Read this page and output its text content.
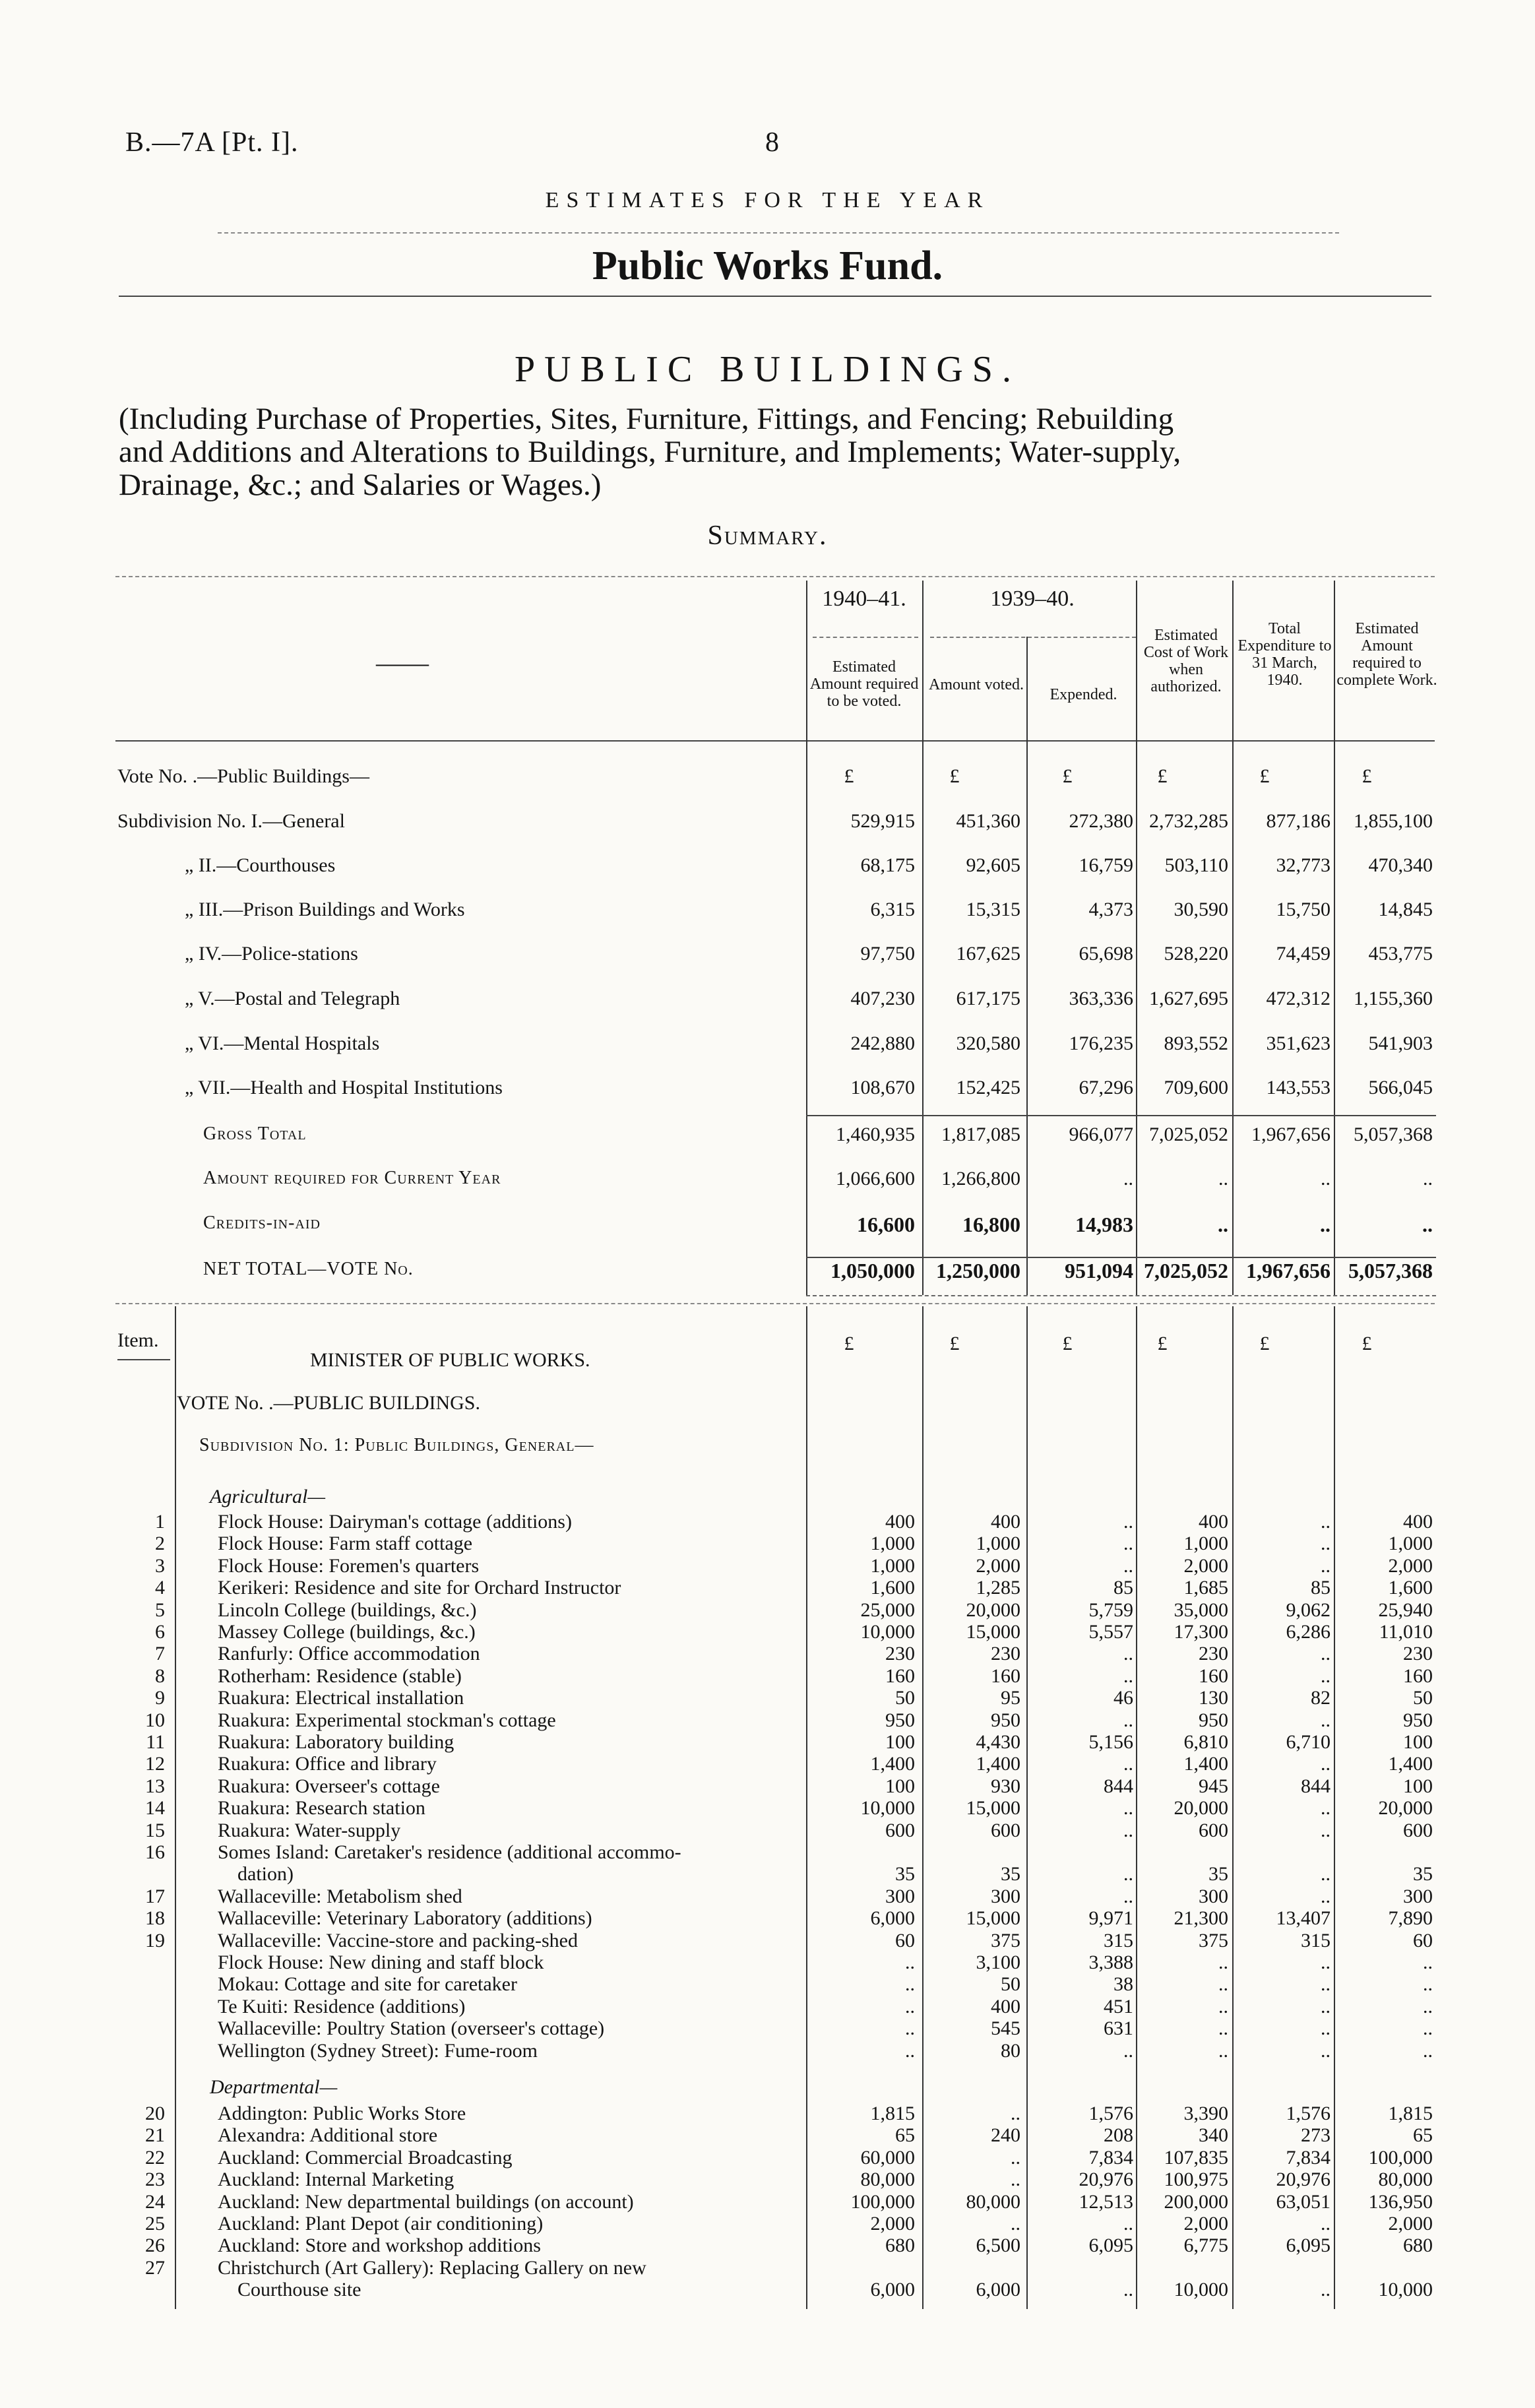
B.—7A [Pt. I].	8
ESTIMATES FOR THE YEAR
Public Works Fund.
PUBLIC BUILDINGS.
(Including Purchase of Properties, Sites, Furniture, Fittings, and Fencing; Rebuilding
and Additions and Alterations to Buildings, Furniture, and Implements; Water-supply,
Drainage, &c.; and Salaries or Wages.)
Summary.
——
1940–41.	1939–40.
Estimated Amount required to be voted.
Amount voted.
Expended.
Estimated Cost of Work when authorized.
Total Expenditure to 31 March, 1940.
Estimated Amount required to complete Work.
Vote No. .—Public Buildings—	£	£	£	£	£	£
Subdivision No. I.—General	529,915	451,360	272,380 2,732,285	877,186	1,855,100
„ II.—Courthouses	68,175	92,605	16,759	503,110	32,773	470,340
„ III.—Prison Buildings and Works	6,315	15,315	4,373	30,590	15,750	14,845
„ IV.—Police-stations	97,750	167,625	65,698	528,220	74,459	453,775
„ V.—Postal and Telegraph	407,230	617,175	363,336 1,627,695	472,312	1,155,360
„ VI.—Mental Hospitals	242,880	320,580	176,235	893,552	351,623	541,903
„ VII.—Health and Hospital Institutions	108,670	152,425	67,296	709,600	143,553	566,045
Gross Total	1,460,935	1,817,085	966,077 7,025,052	1,967,656	5,057,368
Amount required for Current Year	1,066,600	1,266,800	..	..	..	..
Credits-in-aid	16,600	16,800	14,983	..	..	..
NET TOTAL—VOTE No.	1,050,000	1,250,000	951,094 7,025,052 1,967,656 5,057,368
Item.	£	£	£	£	£	£
MINISTER OF PUBLIC WORKS.
VOTE No. .—PUBLIC BUILDINGS.
Subdivision No. 1: Public Buildings, General—
Agricultural—
1	Flock House: Dairyman's cottage (additions)	400	400	..	400	..	400
2	Flock House: Farm staff cottage	1,000	1,000	..	1,000	..	1,000
3	Flock House: Foremen's quarters	1,000	2,000	..	2,000	..	2,000
4	Kerikeri: Residence and site for Orchard Instructor	1,600	1,285	85	1,685	85	1,600
5	Lincoln College (buildings, &c.)	25,000	20,000	5,759	35,000	9,062	25,940
6	Massey College (buildings, &c.)	10,000	15,000	5,557	17,300	6,286	11,010
7	Ranfurly: Office accommodation	230	230	..	230	..	230
8	Rotherham: Residence (stable)	160	160	..	160	..	160
9	Ruakura: Electrical installation	50	95	46	130	82	50
10	Ruakura: Experimental stockman's cottage	950	950	..	950	..	950
11	Ruakura: Laboratory building	100	4,430	5,156	6,810	6,710	100
12	Ruakura: Office and library	1,400	1,400	..	1,400	..	1,400
13	Ruakura: Overseer's cottage	100	930	844	945	844	100
14	Ruakura: Research station	10,000	15,000	..	20,000	..	20,000
15	Ruakura: Water-supply	600	600	..	600	..	600
16	Somes Island: Caretaker's residence (additional accommo-
dation)	35	35	..	35	..	35
17	Wallaceville: Metabolism shed	300	300	..	300	..	300
18	Wallaceville: Veterinary Laboratory (additions)	6,000	15,000	9,971	21,300	13,407	7,890
19	Wallaceville: Vaccine-store and packing-shed	60	375	315	375	315	60
Flock House: New dining and staff block	..	3,100	3,388	..	..	..
Mokau: Cottage and site for caretaker	..	50	38	..	..	..
Te Kuiti: Residence (additions)	..	400	451	..	..	..
Wallaceville: Poultry Station (overseer's cottage)	..	545	631	..	..	..
Wellington (Sydney Street): Fume-room	..	80	..	..	..	..
Departmental—
20	Addington: Public Works Store	1,815	..	1,576	3,390	1,576	1,815
21	Alexandra: Additional store	65	240	208	340	273	65
22	Auckland: Commercial Broadcasting	60,000	..	7,834	107,835	7,834	100,000
23	Auckland: Internal Marketing	80,000	..	20,976	100,975	20,976	80,000
24	Auckland: New departmental buildings (on account)	100,000	80,000	12,513	200,000	63,051	136,950
25	Auckland: Plant Depot (air conditioning)	2,000	..	..	2,000	..	2,000
26	Auckland: Store and workshop additions	680	6,500	6,095	6,775	6,095	680
27	Christchurch (Art Gallery): Replacing Gallery on new
Courthouse site	6,000	6,000	..	10,000	..	10,000
